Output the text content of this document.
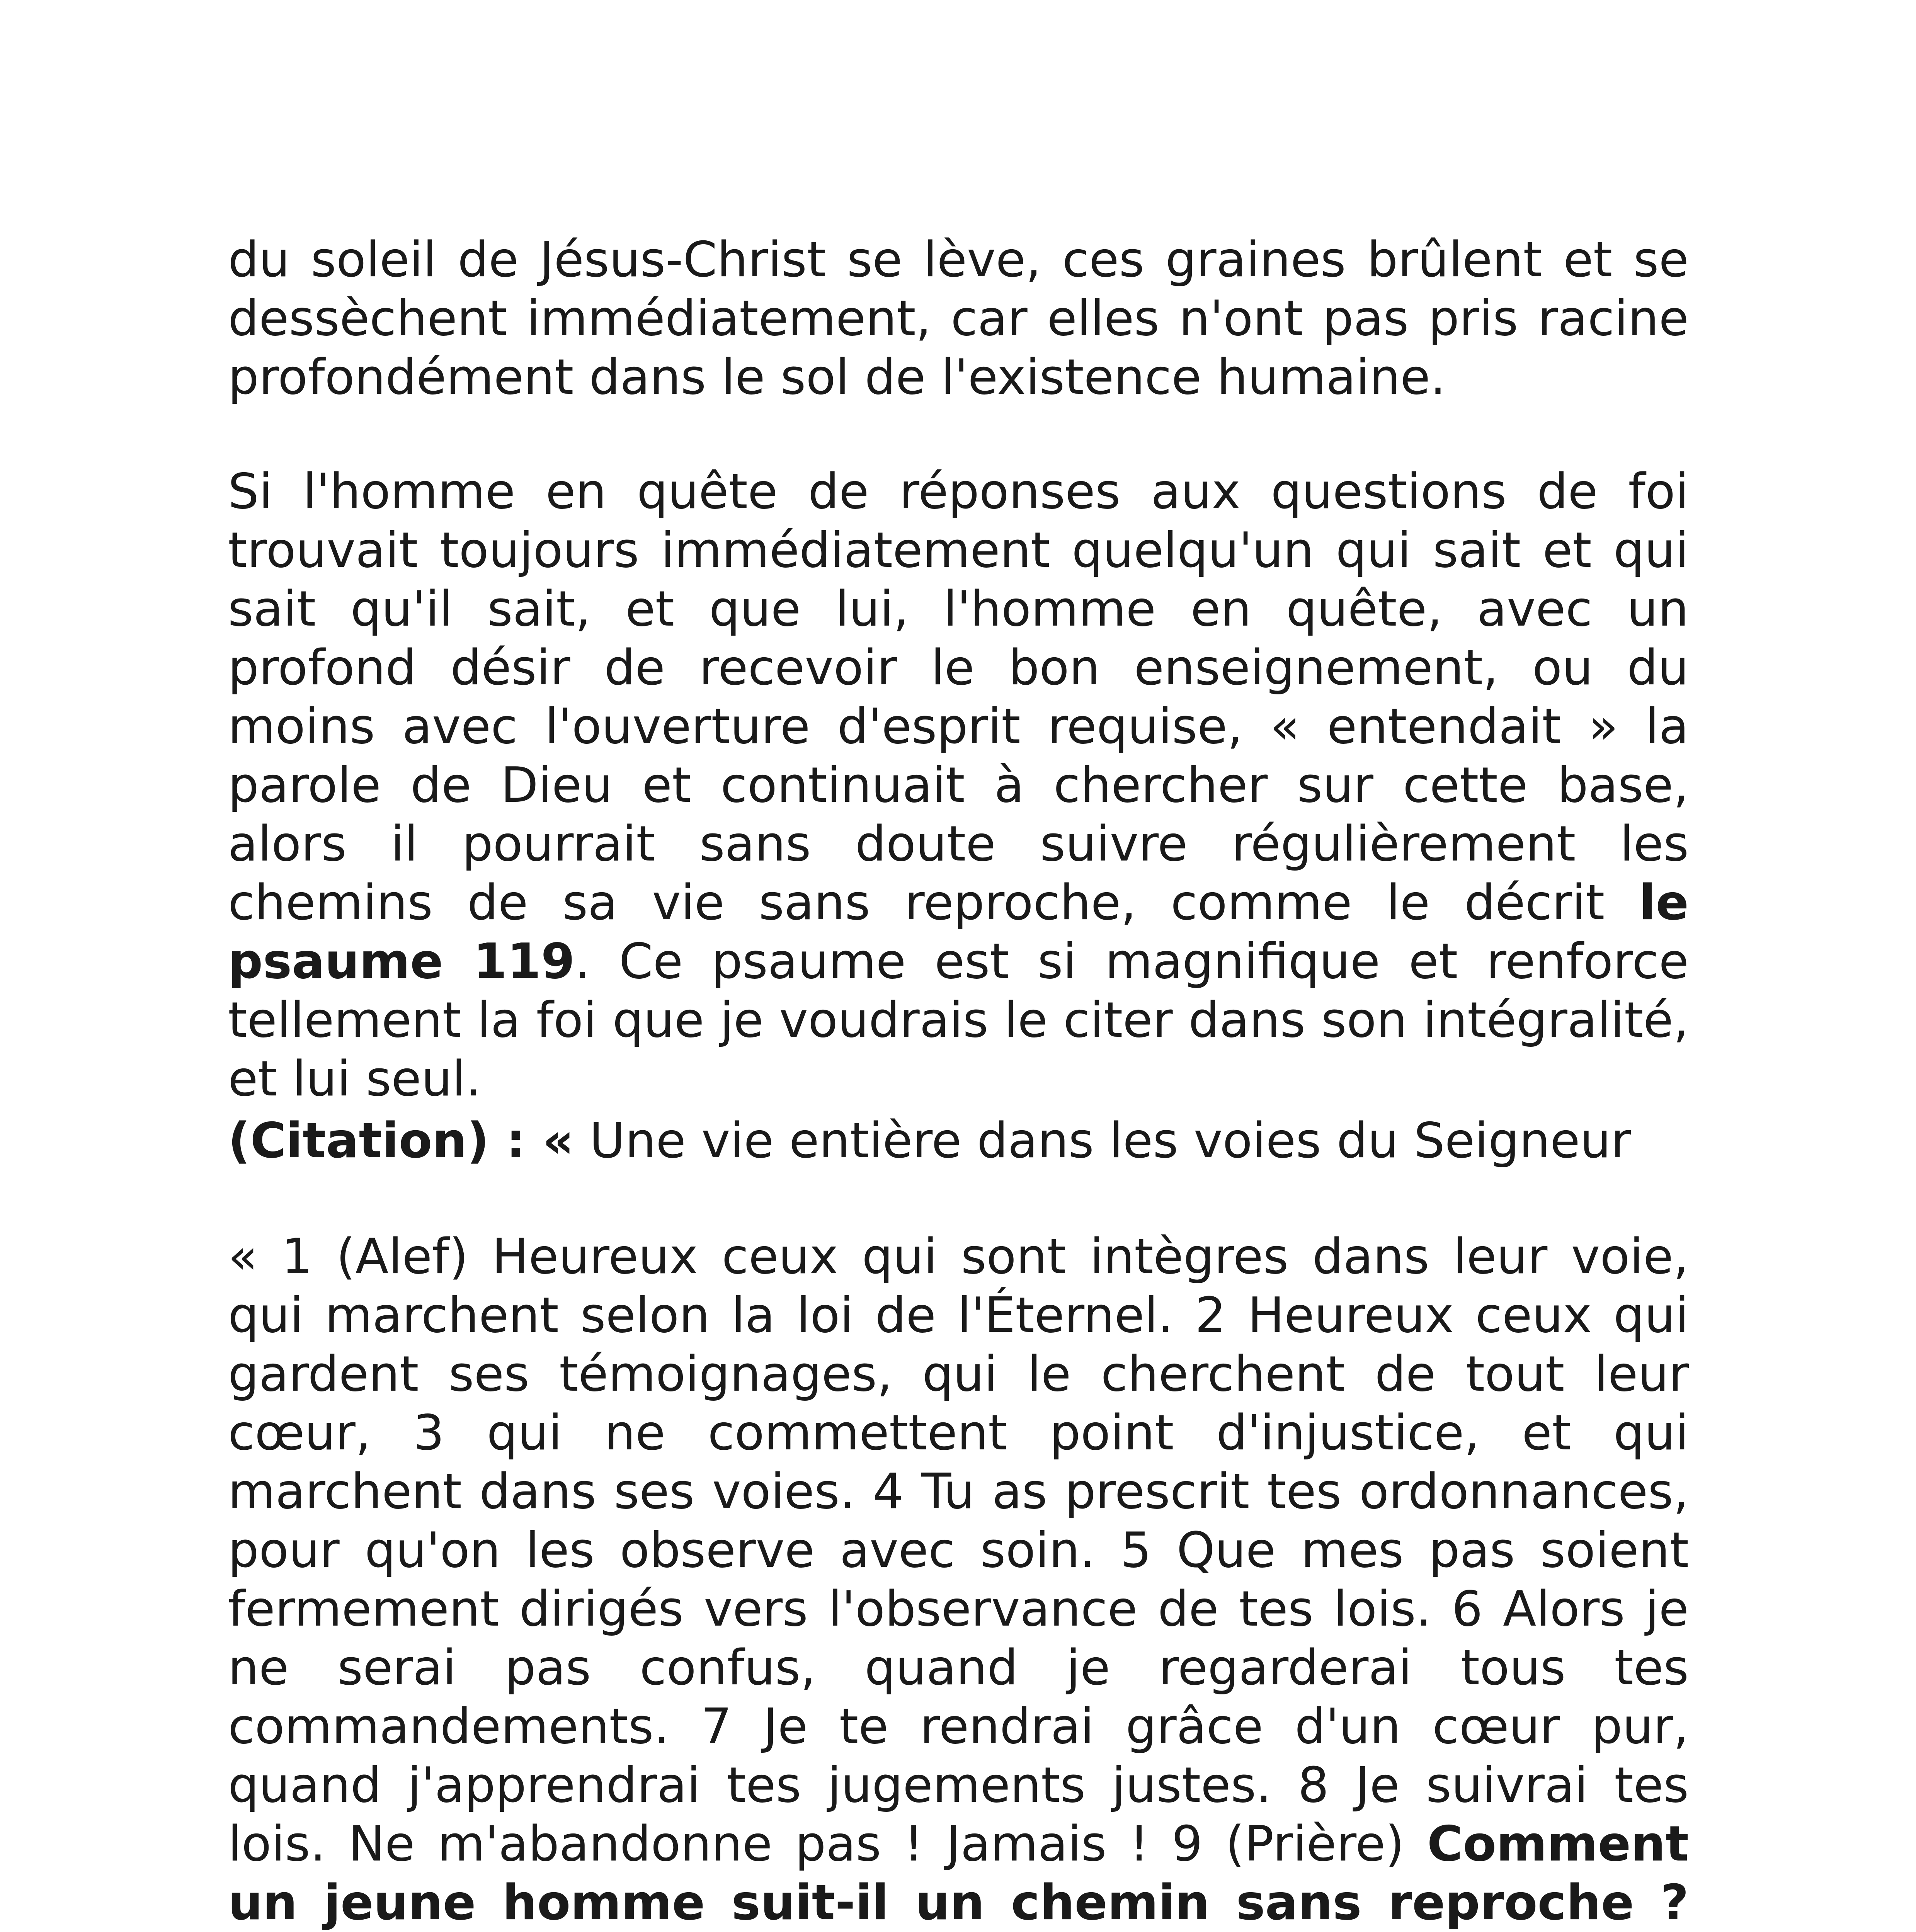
du soleil de Jésus-Christ se lève, ces graines brûlent et se dessèchent immédiatement, car elles n'ont pas pris racine profondément dans le sol de l'existence humaine.

Si l'homme en quête de réponses aux questions de foi trouvait toujours immédiatement quelqu'un qui sait et qui sait qu'il sait, et que lui, l'homme en quête, avec un profond désir de recevoir le bon enseignement, ou du moins avec l'ouverture d'esprit requise, « entendait » la parole de Dieu et continuait à chercher sur cette base, alors il pourrait sans doute suivre régulièrement les chemins de sa vie sans reproche, comme le décrit le psaume 119. Ce psaume est si magnifique et renforce tellement la foi que je voudrais le citer dans son intégralité, et lui seul.

(Citation) : « Une vie entière dans les voies du Seigneur

« 1 (Alef) Heureux ceux qui sont intègres dans leur voie, qui marchent selon la loi de l'Éternel. 2 Heureux ceux qui gardent ses témoignages, qui le cherchent de tout leur cœur, 3 qui ne commettent point d'injustice, et qui marchent dans ses voies. 4 Tu as prescrit tes ordonnances, pour qu'on les observe avec soin. 5 Que mes pas soient fermement dirigés vers l'observance de tes lois. 6 Alors je ne serai pas confus, quand je regarderai tous tes commandements. 7 Je te rendrai grâce d'un cœur pur, quand j'apprendrai tes jugements justes. 8 Je suivrai tes lois. Ne m'abandonne pas ! Jamais ! 9 (Prière) Comment un jeune homme suit-il un chemin sans reproche ?
